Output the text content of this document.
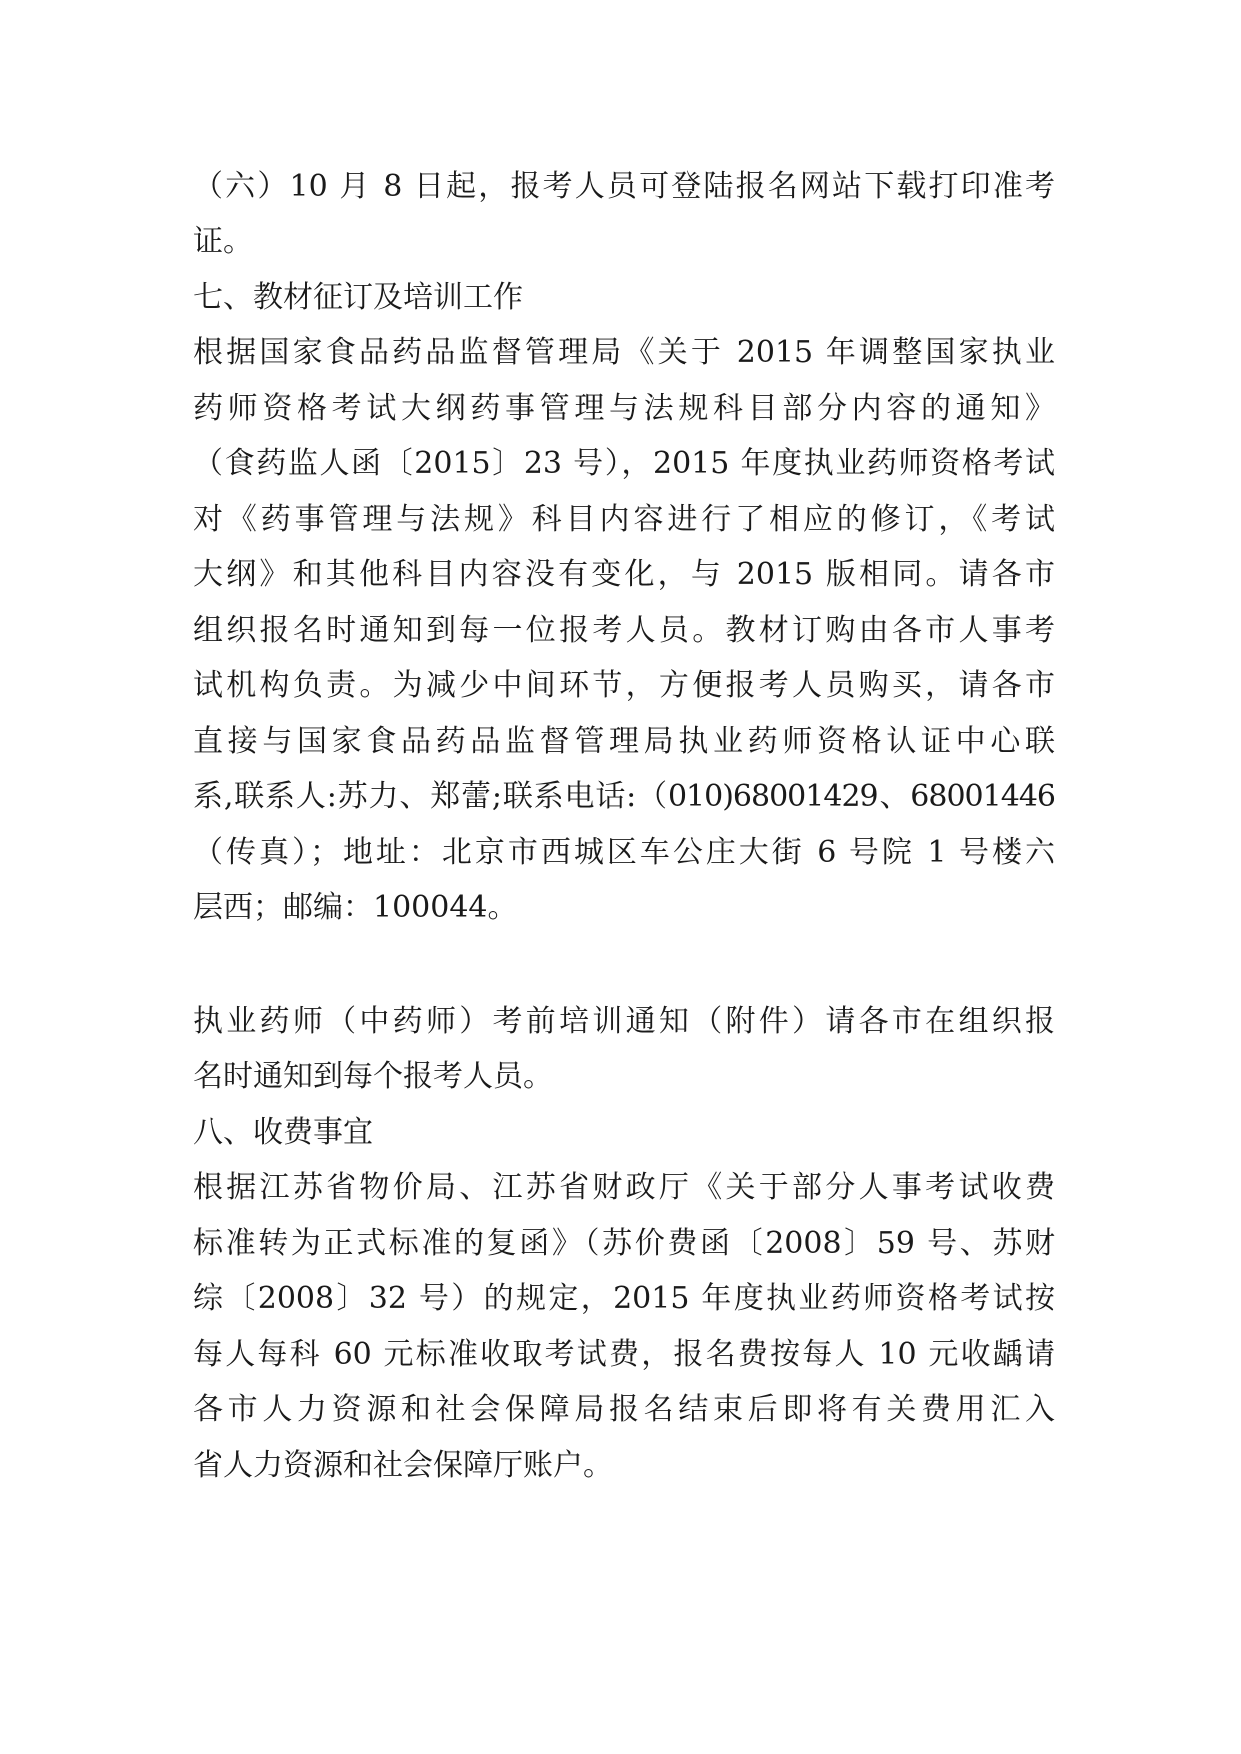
（六）10 月 8 日起，报考人员可登陆报名网站下载打印准考
证。
七、教材征订及培训工作
根据国家食品药品监督管理局《关于 2015 年调整国家执业
药师资格考试大纲药事管理与法规科目部分内容的通知》
（食药监人函〔2015〕23 号），2015 年度执业药师资格考试
对《药事管理与法规》科目内容进行了相应的修订，《考试
大纲》和其他科目内容没有变化，与 2015 版相同。请各市
组织报名时通知到每一位报考人员。教材订购由各市人事考
试机构负责。为减少中间环节，方便报考人员购买，请各市
直接与国家食品药品监督管理局执业药师资格认证中心联
系,联系人:苏力、郑蕾;联系电话:（010)68001429、68001446
（传真）；地址：北京市西城区车公庄大街 6 号院 1 号楼六
层西；邮编：100044。
执业药师（中药师）考前培训通知（附件）请各市在组织报
名时通知到每个报考人员。
八、收费事宜
根据江苏省物价局、江苏省财政厅《关于部分人事考试收费
标准转为正式标准的复函》（苏价费函〔2008〕59 号、苏财
综〔2008〕32 号）的规定，2015 年度执业药师资格考试按
每人每科 60 元标准收取考试费，报名费按每人 10 元收龋请
各市人力资源和社会保障局报名结束后即将有关费用汇入
省人力资源和社会保障厅账户。
